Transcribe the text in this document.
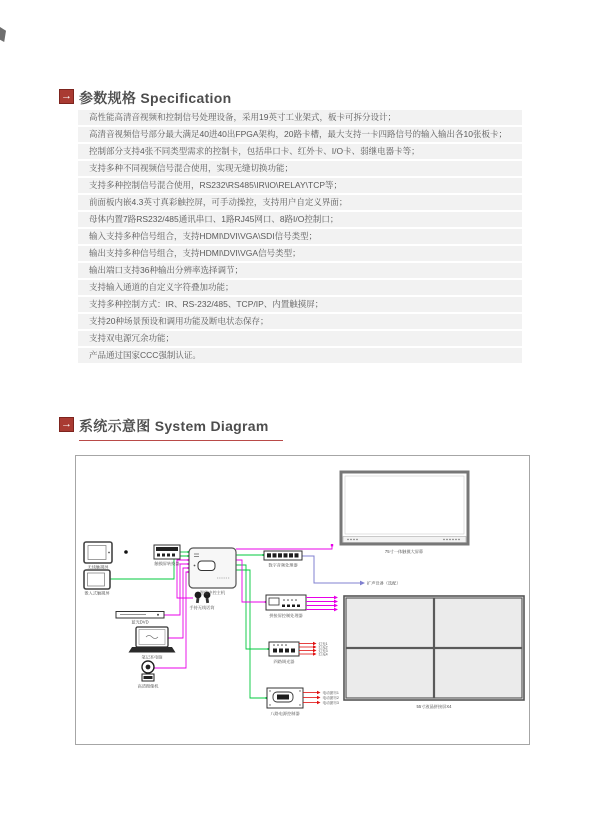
→ 参数规格 Specification
高性能高清音视频和控制信号处理设备，采用19英寸工业架式，板卡可拆分设计；
高清音视频信号部分最大满足40进40出FPGA架构，20路卡槽，最大支持一卡四路信号的输入输出各10张板卡；
控制部分支持4张不同类型需求的控制卡，包括串口卡、红外卡、I/O卡、弱继电器卡等；
支持多种不同视频信号混合使用，实现无缝切换功能；
支持多种控制信号混合使用，RS232\RS485\IR\IO\RELAY\TCP等；
前面板内嵌4.3英寸真彩触控屏，可手动操控，支持用户自定义界面；
母体内置7路RS232/485通讯串口、1路RJ45网口、8路I/O控制口；
输入支持多种信号组合，支持HDMI\DVI\VGA\SDI信号类型；
输出支持多种信号组合，支持HDMI\DVI\VGA信号类型；
输出端口支持36种输出分辨率选择调节；
支持输入通道的自定义字符叠加功能；
支持多种控制方式：IR、RS-232/485、TCP/IP、内置触摸屏；
支持20种场景预设和调用功能及断电状态保存；
支持双电源冗余功能；
产品通过国家CCC强制认证。
→ 系统示意图 System Diagram
扩声设备（选配）
无线触摸屏
触摸屏转换器
嵌入式触摸屏
手持无线话筒
蓝光DVD
笔记本电脑
高清摄像机
智能中控主机
数字音频处理器
75寸一体触摸大屏幕
拼接屏控制处理器
灯光1
灯光2
灯光3
灯光4
四路调光器
电动窗帘1
电动窗帘2
电动窗帘3
八路电源控制器
55寸液晶拼接屏X4
